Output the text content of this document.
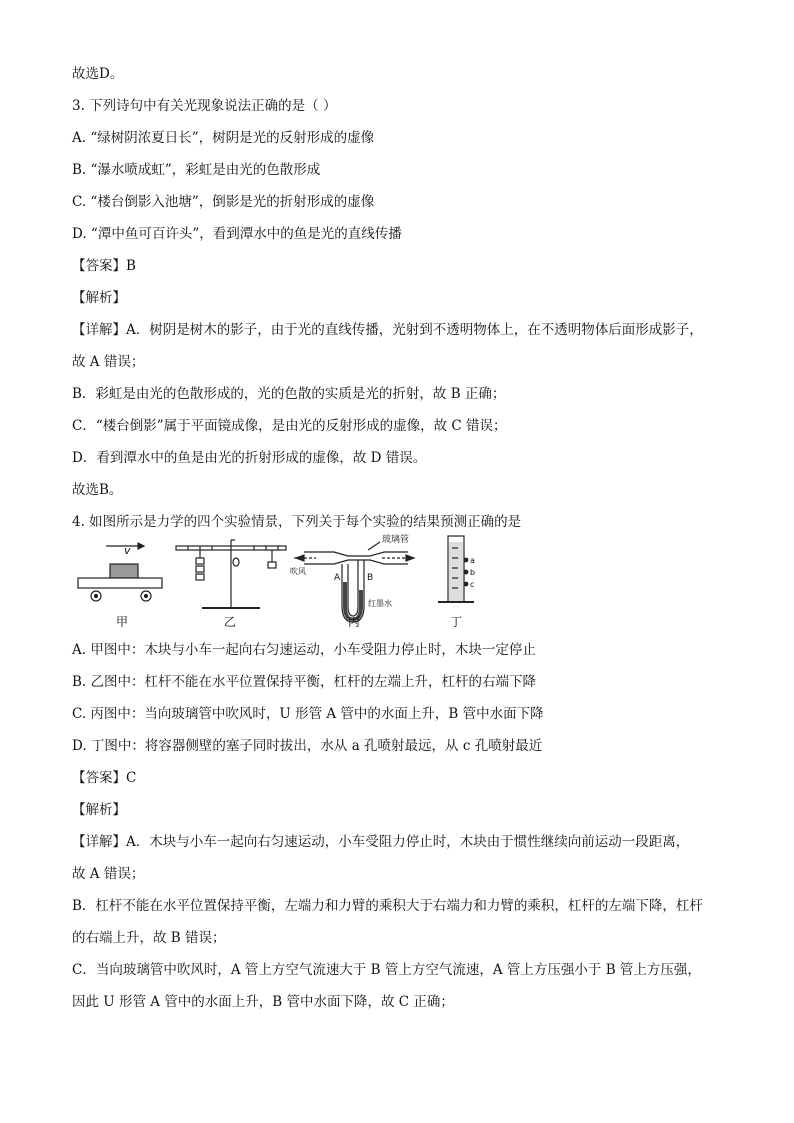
故选D。
3. 下列诗句中有关光现象说法正确的是（ ）
A. “绿树阴浓夏日长”，树阴是光的反射形成的虚像
B. “瀑水喷成虹”，彩虹是由光的色散形成
C. “楼台倒影入池塘”，倒影是光的折射形成的虚像
D. “潭中鱼可百许头”，看到潭水中的鱼是光的直线传播
【答案】B
【解析】
【详解】A．树阴是树木的影子，由于光的直线传播，光射到不透明物体上，在不透明物体后面形成影子，
故 A 错误；
B．彩虹是由光的色散形成的，光的色散的实质是光的折射，故 B 正确；
C．“楼台倒影”属于平面镜成像，是由光的反射形成的虚像，故 C 错误；
D．看到潭水中的鱼是由光的折射形成的虚像，故 D 错误。
故选B。
4. 如图所示是力学的四个实验情景，下列关于每个实验的结果预测正确的是
v
甲	乙
玻璃管
吹风
A	B
红墨水
丙
a
b
c
丁
A. 甲图中：木块与小车一起向右匀速运动，小车受阻力停止时，木块一定停止
B. 乙图中：杠杆不能在水平位置保持平衡，杠杆的左端上升，杠杆的右端下降
C. 丙图中：当向玻璃管中吹风时，U 形管 A 管中的水面上升，B 管中水面下降
D. 丁图中：将容器侧壁的塞子同时拔出，水从 a 孔喷射最远，从 c 孔喷射最近
【答案】C
【解析】
【详解】A．木块与小车一起向右匀速运动，小车受阻力停止时，木块由于惯性继续向前运动一段距离，
故 A 错误；
B．杠杆不能在水平位置保持平衡，左端力和力臂的乘积大于右端力和力臂的乘积，杠杆的左端下降，杠杆
的右端上升，故 B 错误；
C．当向玻璃管中吹风时，A 管上方空气流速大于 B 管上方空气流速，A 管上方压强小于 B 管上方压强，
因此 U 形管 A 管中的水面上升，B 管中水面下降，故 C 正确；
